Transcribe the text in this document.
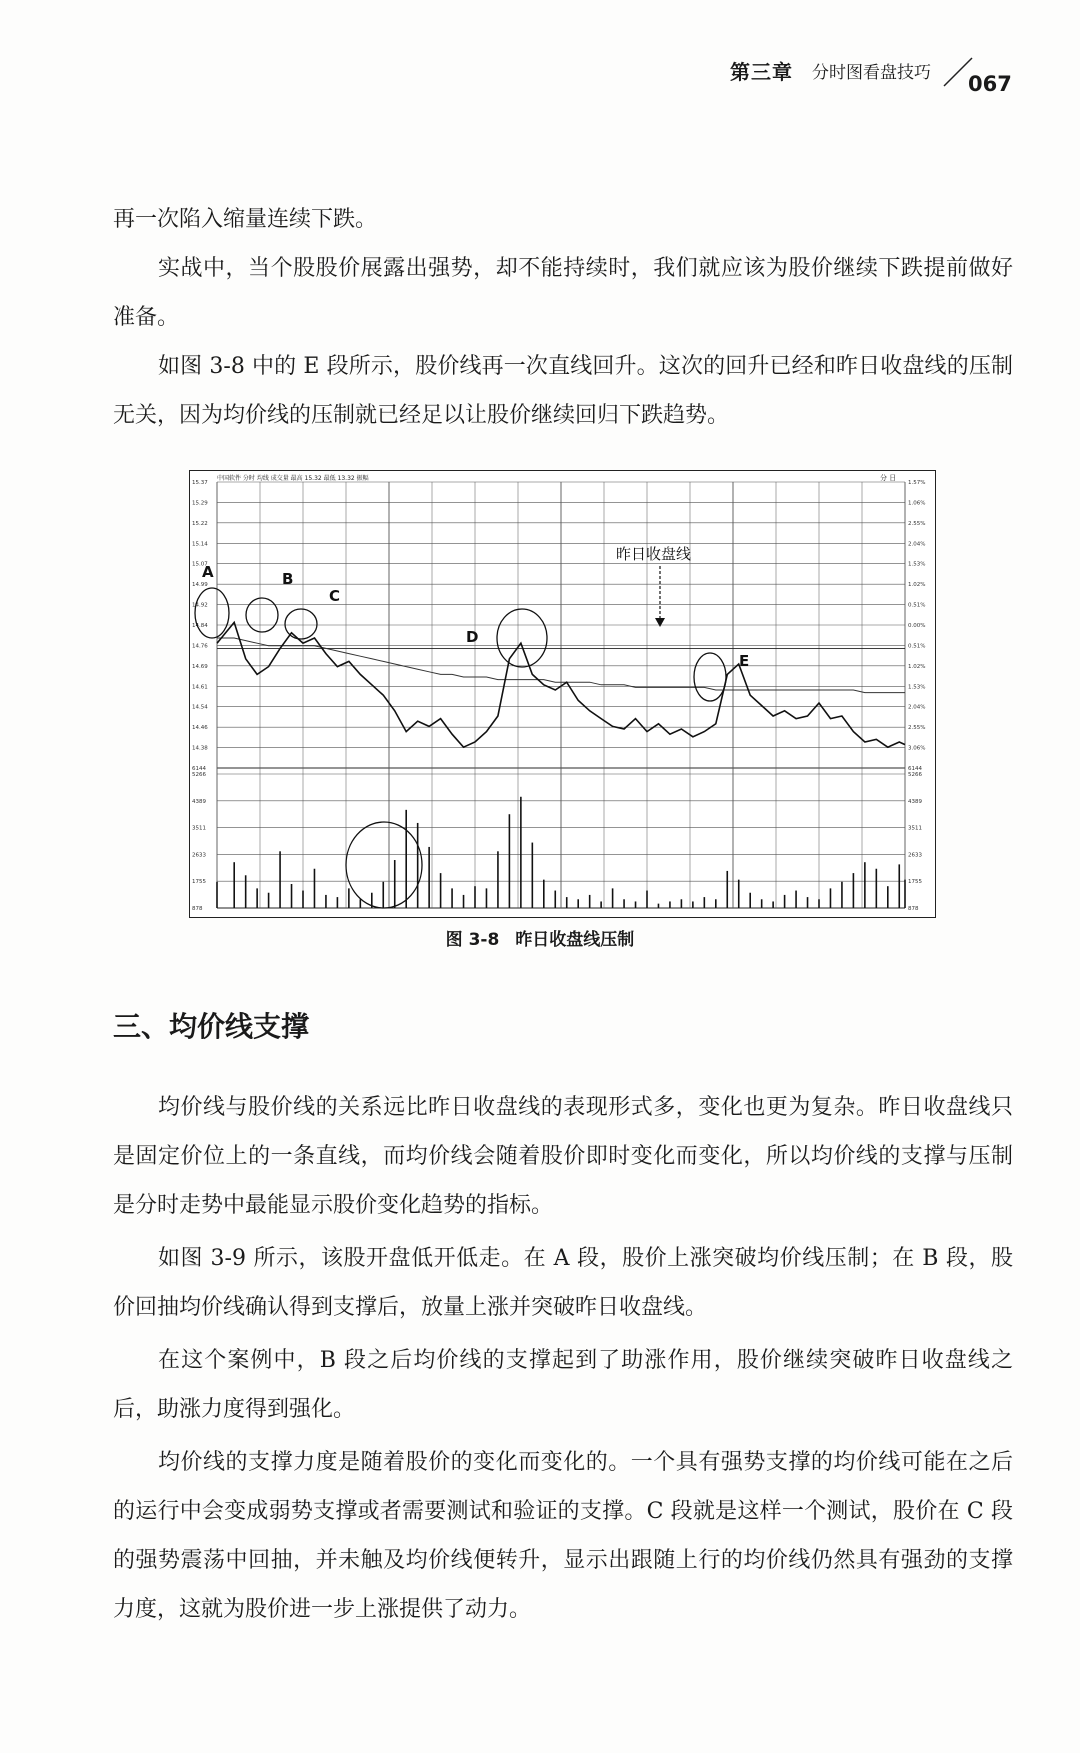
第三章 分时图看盘技巧 067

再一次陷入缩量连续下跌。

实战中，当个股股价展露出强势，却不能持续时，我们就应该为股价继续下跌提前做好准备。

如图 3-8 中的 E 段所示，股价线再一次直线回升。这次的回升已经和昨日收盘线的压制无关，因为均价线的压制就已经足以让股价继续回归下跌趋势。

中国软件 分时 均线 成交量 最高 15.32 最低 13.32 振幅	分 日
15.37
15.29
15.22
15.14
15.07
14.99
14.92
14.84
14.76
14.69
14.61
14.54
14.46
14.38
6144
1.57%
1.06%
2.55%
2.04%
1.53%
1.02%
0.51%
0.00%
0.51%
1.02%
1.53%
2.04%
2.55%
3.06%
6144
5266
4389
3511
2633
1755
878
5266
4389
3511
2633
1755
878
昨日收盘线
A	B
C
D
E
图 3-8 昨日收盘线压制
三、均价线支撑

均价线与股价线的关系远比昨日收盘线的表现形式多，变化也更为复杂。昨日收盘线只是固定价位上的一条直线，而均价线会随着股价即时变化而变化，所以均价线的支撑与压制是分时走势中最能显示股价变化趋势的指标。

如图 3-9 所示，该股开盘低开低走。在 A 段，股价上涨突破均价线压制；在 B 段，股价回抽均价线确认得到支撑后，放量上涨并突破昨日收盘线。

在这个案例中，B 段之后均价线的支撑起到了助涨作用，股价继续突破昨日收盘线之后，助涨力度得到强化。

均价线的支撑力度是随着股价的变化而变化的。一个具有强势支撑的均价线可能在之后的运行中会变成弱势支撑或者需要测试和验证的支撑。C 段就是这样一个测试，股价在 C 段的强势震荡中回抽，并未触及均价线便转升，显示出跟随上行的均价线仍然具有强劲的支撑力度，这就为股价进一步上涨提供了动力。
